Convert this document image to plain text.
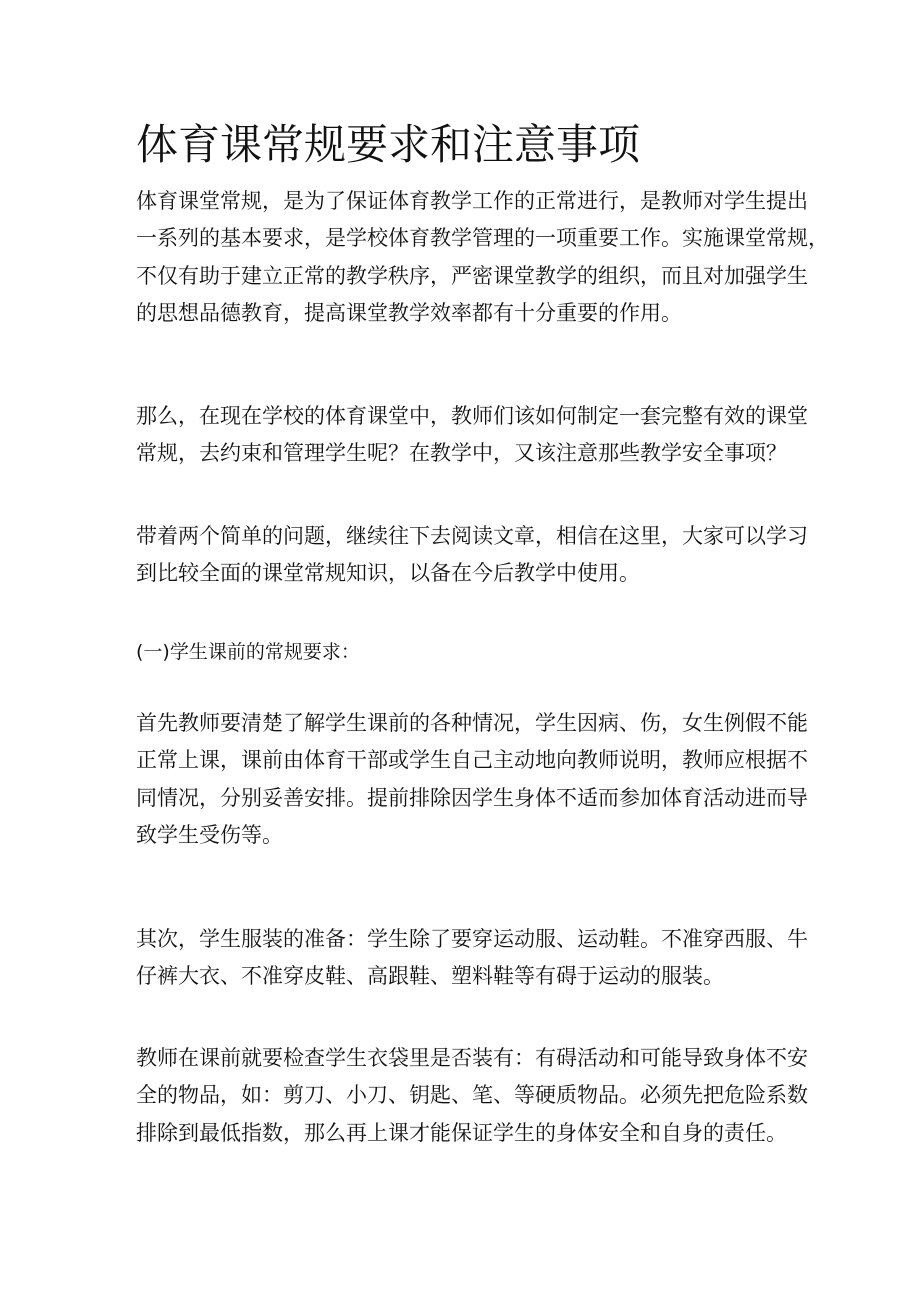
体育课常规要求和注意事项
体育课堂常规，是为了保证体育教学工作的正常进行，是教师对学生提出
一系列的基本要求，是学校体育教学管理的一项重要工作。实施课堂常规，
不仅有助于建立正常的教学秩序，严密课堂教学的组织，而且对加强学生
的思想品德教育，提高课堂教学效率都有十分重要的作用。
那么，在现在学校的体育课堂中，教师们该如何制定一套完整有效的课堂
常规，去约束和管理学生呢？在教学中，又该注意那些教学安全事项？
带着两个简单的问题，继续往下去阅读文章，相信在这里，大家可以学习
到比较全面的课堂常规知识，以备在今后教学中使用。
(一)学生课前的常规要求：
首先教师要清楚了解学生课前的各种情况，学生因病、伤，女生例假不能
正常上课，课前由体育干部或学生自己主动地向教师说明，教师应根据不
同情况，分别妥善安排。提前排除因学生身体不适而参加体育活动进而导
致学生受伤等。
其次，学生服装的准备：学生除了要穿运动服、运动鞋。不准穿西服、牛
仔裤大衣、不准穿皮鞋、高跟鞋、塑料鞋等有碍于运动的服装。
教师在课前就要检查学生衣袋里是否装有：有碍活动和可能导致身体不安
全的物品，如：剪刀、小刀、钥匙、笔、等硬质物品。必须先把危险系数
排除到最低指数，那么再上课才能保证学生的身体安全和自身的责任。
